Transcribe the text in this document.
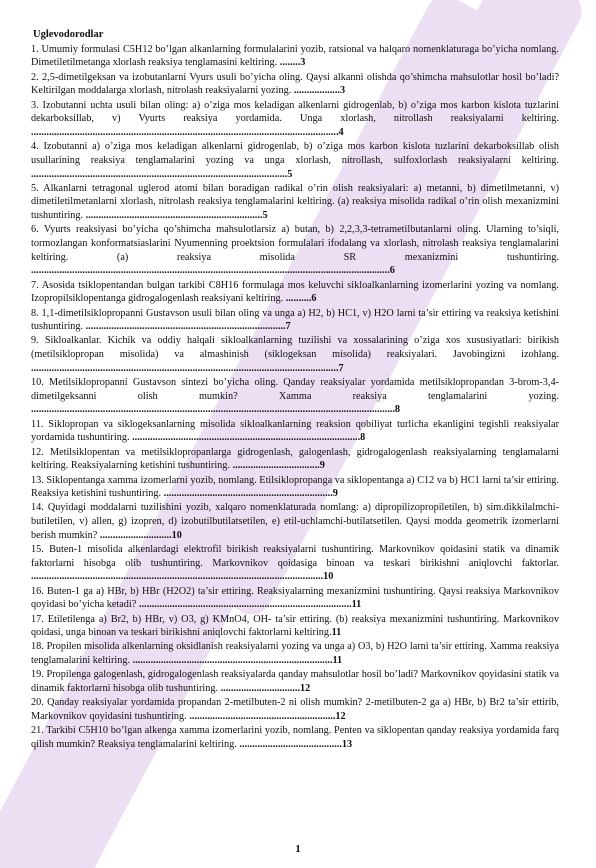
Uglevodorodlar
1. Umumiy formulasi C5H12 bo’lgan alkanlarning formulalarini yozib, ratsional va halqaro nomenklaturaga bo’yicha nomlang. Dimetiletilmetanga xlorlash reaksiya tenglamasini keltiring. ........3
2. 2,5-dimetilgeksan va izobutanlarni Vyurs usuli bo’yicha oling. Qaysi alkanni olishda qo’shimcha mahsulotlar hosil bo’ladi? Keltirilgan moddalarga xlorlash, nitrolash reaksiyalarni yozing. ..................3
3. Izobutanni uchta usuli bilan oling: a) o’ziga mos keladigan alkenlarni gidrogenlab, b) o’ziga mos karbon kislota tuzlarini dekarboksillab, v) Vyurts reaksiya yordamida. Unga xlorlash, nitrollash reaksiyalarni keltiring. ........................................................................................................................4
4. Izobutanni a) o’ziga mos keladigan alkenlarni gidrogenlab, b) o’ziga mos karbon kislota tuzlarini dekarboksillab olish usullarining reaksiya tenglamalarini yozing va unga xlorlash, nitrollash, sulfoxlorlash reaksiyalarni keltiring. ....................................................................................................5
5. Alkanlarni tetragonal uglerod atomi bilan boradigan radikal o’rin olish reaksiyalari: a) metanni, b) dimetilmetanni, v) dimetiletilmetanlarni xlorlash, nitrolash reaksiya tenglamalarini keltiring. (a) reaksiya misolida radikal o’rin olish mexanizmini tushuntiring. .....................................................................5
6. Vyurts reaksiyasi bo’yicha qo’shimcha mahsulotlarsiz a) butan, b) 2,2,3,3-tetrametilbutanlarni oling. Ularning to’siqli, tormozlangan konformatsiaslarini Nyumenning proektsion formulalari ifodalang va xlorlash, nitrolash reaksiya tenglamalarini keltiring. (a) reaksiya misolida SR mexanizmini tushuntiring. ............................................................................................................................................6
7. Asosida tsiklopentandan bulgan tarkibi C8H16 formulaga mos keluvchi sikloalkanlarning izomerlarini yozing va nomlang. Izopropilsiklopentanga gidrogalogenlash reaksiyani keltiring. ..........6
8. 1,1-dimetilsiklopropanni Gustavson usuli bilan oling va unga a) H2, b) HC1, v) H2O larni ta’sir ettiring va reaksiya ketishini tushuntiring. ..............................................................................7
9. Sikloalkanlar. Kichik va oddiy halqali sikloalkanlarning tuzilishi va xossalarining o’ziga xos xususiyatlari: birikish (metilsiklopropan misolida) va almashinish (siklogeksan misolida) reaksiyalari. Javobingizni izohlang. ........................................................................................................................7
10. Metilsiklopropanni Gustavson sintezi bo’yicha oling. Qanday reaksiyalar yordamida metilsiklopropandan 3-brom-3,4-dimetilgeksanni olish mumkin? Xamma reaksiya tenglamalarini yozing. ..............................................................................................................................................8
11. Siklopropan va siklogeksanlarning misolida sikloalkanlarning reaksion qobiliyat turlicha ekanligini tegishli reaksiyalar yordamida tushuntiring. .........................................................................................8
12. Metilsiklopentan va metilsiklopropanlarga gidrogenlash, galogenlash, gidrogalogenlash reaksiyalarning tenglamalarni keltiring. Reaksiyalarning ketishini tushuntiring. ..................................9
13. Siklopentanga xamma izomerlarni yozib, nomlang. Etilsiklopropanga va siklopentanga a) C12 va b) HC1 larni ta’sir ettiring. Reaksiya ketishini tushuntiring. ..................................................................9
14. Quyidagi moddalarni tuzilishini yozib, xalqaro nomenklaturada nomlang: a) dipropilizopropiletilen, b) sim.dikkilalmchi-butiletilen, v) allen, g) izopren, d) izobutilbutilatsetilen, e) etil-uchlamchi-butilatsetilen. Qaysi modda geometrik izomerlarni berish mumkin? ............................10
15. Buten-1 misolida alkenlardagi elektrofil birikish reaksiyalarni tushuntiring. Markovnikov qoidasini statik va dinamik faktorlarni hisobga olib tushuntiring. Markovnikov qoidasiga binoan va teskari birikishni aniqlovchi faktorlar. ..................................................................................................................10
16. Buten-1 ga a) HBr, b) HBr (H2O2) ta’sir ettiring. Reaksiyalarning mexanizmini tushuntiring. Qaysi reaksiya Markovnikov qoyidasi bo’yicha ketadi? ...................................................................................11
17. Etiletilenga a) Br2, b) HBr, v) O3, g) KMnO4, OH- ta’sir ettiring. (b) reaksiya mexanizmini tushuntiring. Markovnikov qoidasi, unga binoan va teskari birikishni aniqlovchi faktorlarni keltiring.11
18. Propilen misolida alkenlarning oksidlanish reaksiyalarni yozing va unga a) O3, b) H2O larni ta’sir ettiring. Xamma reaksiya tenglamalarini keltiring. ..............................................................................11
19. Propilenga galogenlash, gidrogalogenlash reaksiyalarda qanday mahsulotlar hosil bo’ladi? Markovnikov qoyidasini statik va dinamik faktorlarni hisobga olib tushuntiring. ...............................12
20. Qanday reaksiyalar yordamida propandan 2-metilbuten-2 ni olish mumkin? 2-metilbuten-2 ga a) HBr, b) Br2 ta’sir ettirib, Markovnikov qoyidasini tushuntiring. .........................................................12
21. Tarkibi C5H10 bo’lgan alkenga xamma izomerlarini yozib, nomlang. Penten va siklopentan qanday reaksiya yordamida farq qilish mumkin? Reaksiya tenglamalarini keltiring. ........................................13
1
